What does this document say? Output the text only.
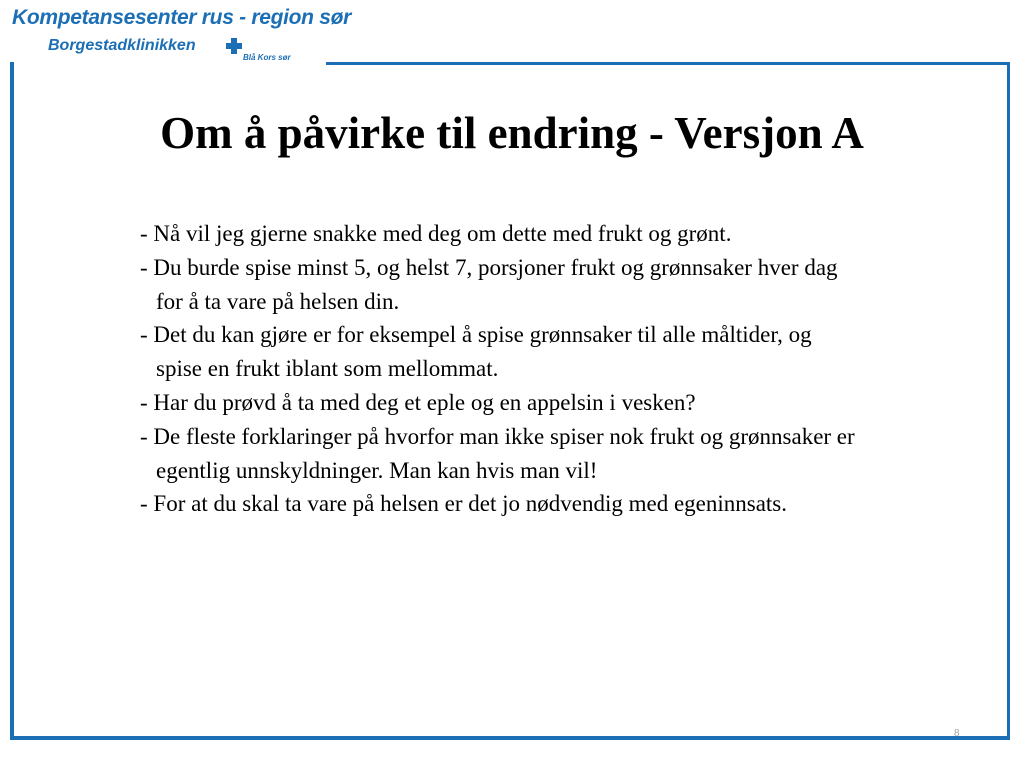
Kompetansesenter rus - region sør
Borgestadklinikken
Blå Kors sør
Om å påvirke til endring - Versjon A
- Nå vil jeg gjerne snakke med deg om dette med frukt og grønt.
- Du burde spise minst 5, og helst 7, porsjoner frukt og grønnsaker hver dag for å ta vare på helsen din.
- Det du kan gjøre er for eksempel å spise grønnsaker til alle måltider, og spise en frukt iblant som mellommat.
- Har du prøvd å ta med deg et eple og en appelsin i vesken?
- De fleste forklaringer på hvorfor man ikke spiser nok frukt og grønnsaker er egentlig unnskyldninger. Man kan hvis man vil!
- For at du skal ta vare på helsen er det jo nødvendig med egeninnsats.
8
